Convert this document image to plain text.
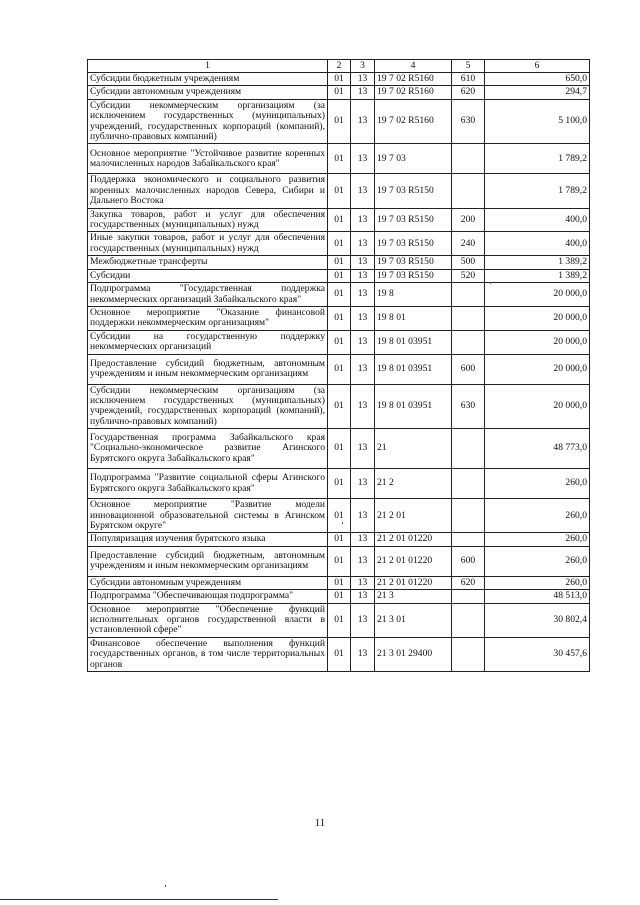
1	2	3	4	5	6
Субсидии бюджетным учреждениям	01	13	19 7 02 R5160	610	650,0
Субсидии автономным учреждениям	01	13	19 7 02 R5160	620	294,7
Субсидии некоммерческим организациям (за исключением государственных (муниципальных) учреждений, государственных корпораций (компаний), публично-правовых компаний)	01	13	19 7 02 R5160	630	5 100,0
Основное мероприятие "Устойчивое развитие коренных малочисленных народов Забайкальского края"	01	13	19 7 03		1 789,2
Поддержка экономического и социального развития коренных малочисленных народов Севера, Сибири и Дальнего Востока	01	13	19 7 03 R5150		1 789,2
Закупка товаров, работ и услуг для обеспечения государственных (муниципальных) нужд	01	13	19 7 03 R5150	200	400,0
Иные закупки товаров, работ и услуг для обеспечения государственных (муниципальных) нужд	01	13	19 7 03 R5150	240	400,0
Межбюджетные трансферты	01	13	19 7 03 R5150	500	1 389,2
Субсидии	01	13	19 7 03 R5150	520	1 389,2
Подпрограмма "Государственная поддержка некоммерческих организаций Забайкальского края"	01	13	19 8		20 000,0
Основное мероприятие "Оказание финансовой поддержки некоммерческим организациям"	01	13	19 8 01		20 000,0
Субсидии на государственную поддержку некоммерческих организаций	01	13	19 8 01 03951		20 000,0
Предоставление субсидий бюджетным, автономным учреждениям и иным некоммерческим организациям	01	13	19 8 01 03951	600	20 000,0
Субсидии некоммерческим организациям (за исключением государственных (муниципальных) учреждений, государственных корпораций (компаний), публично-правовых компаний)	01	13	19 8 01 03951	630	20 000,0
Государственная программа Забайкальского края "Социально-экономическое развитие Агинского Бурятского округа Забайкальского края"	01	13	21		48 773,0
Подпрограмма "Развитие социальной сферы Агинского Бурятского округа Забайкальского края"	01	13	21 2		260,0
Основное мероприятие "Развитие модели инновационной образовательной системы в Агинском Бурятском округе"	01	13	21 2 01		260,0
Популяризация изучения бурятского языка	01	13	21 2 01 01220		260,0
Предоставление субсидий бюджетным, автономным учреждениям и иным некоммерческим организациям	01	13	21 2 01 01220	600	260,0
Субсидии автономным учреждениям	01	13	21 2 01 01220	620	260,0
Подпрограмма "Обеспечивающая подпрограмма"	01	13	21 3		48 513,0
Основное мероприятие "Обеспечение функций исполнительных органов государственной власти в установленной сфере"	01	13	21 3 01		30 802,4
Финансовое обеспечение выполнения функций государственных органов, в том числе территориальных органов	01	13	21 3 01 29400		30 457,6
11
